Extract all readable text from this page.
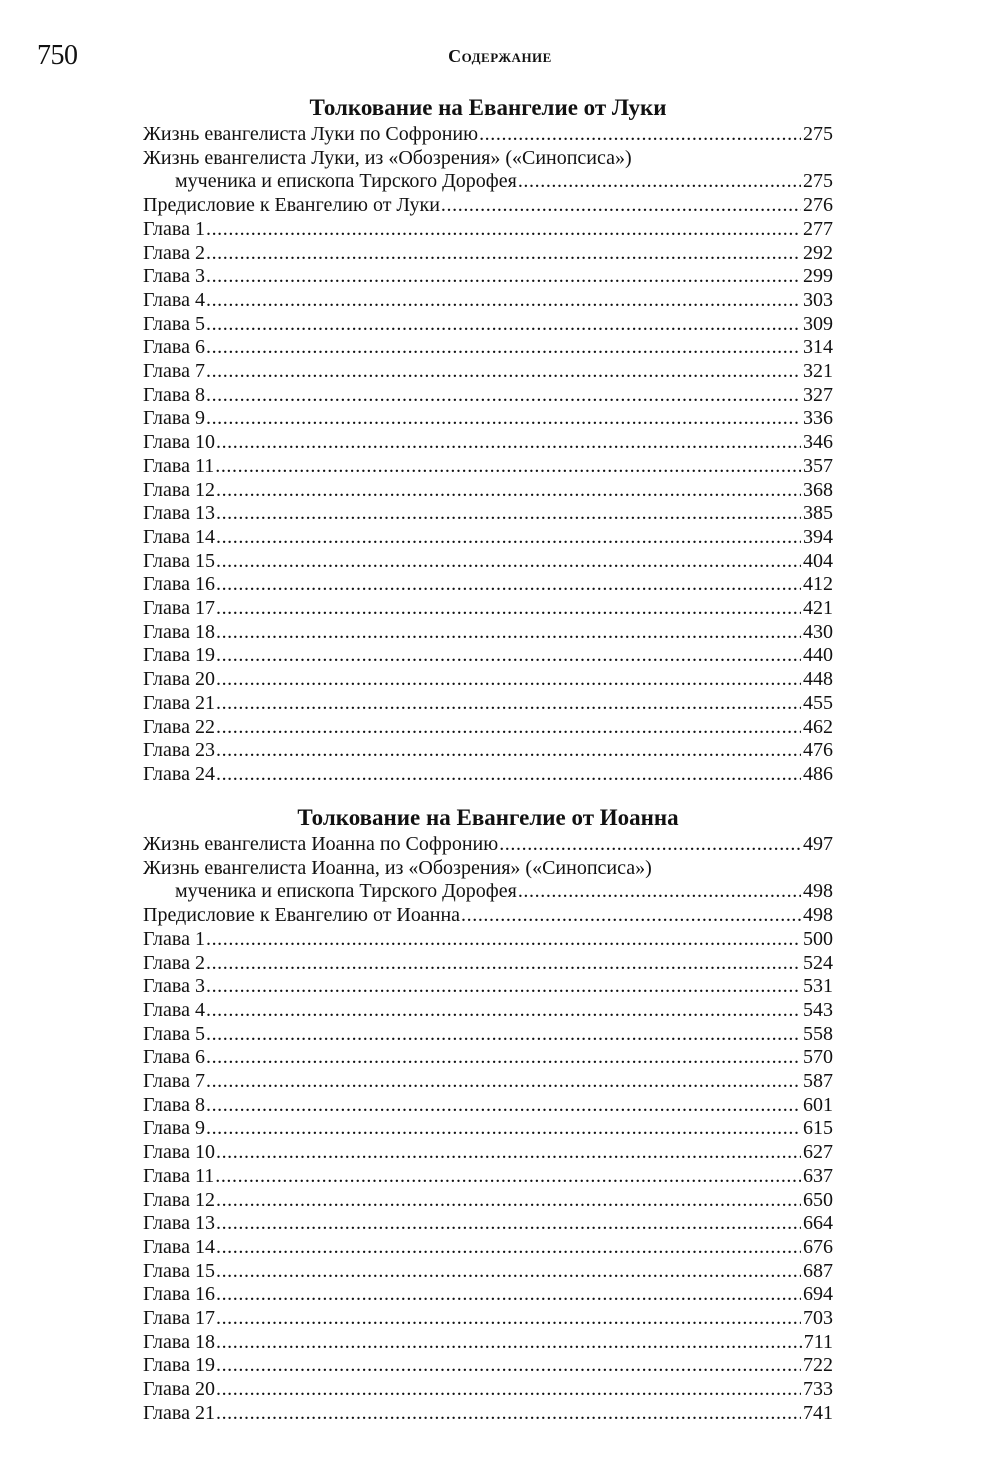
750	Содержание
Толкование на Евангелие от Луки
Жизнь евангелиста Луки по Софронию . . .	275
Жизнь евангелиста Луки, из «Обозрения» («Синопсиса»)
мученика и епископа Тирского Дорофея . . .	275
Предисловие к Евангелию от Луки . . .	276
Глава 1 . . .	277
Глава 2 . . .	292
Глава 3 . . .	299
Глава 4 . . .	303
Глава 5 . . .	309
Глава 6 . . .	314
Глава 7 . . .	321
Глава 8 . . .	327
Глава 9 . . .	336
Глава 10 . . .	346
Глава 11 . . .	357
Глава 12 . . .	368
Глава 13 . . .	385
Глава 14 . . .	394
Глава 15 . . .	404
Глава 16 . . .	412
Глава 17 . . .	421
Глава 18 . . .	430
Глава 19 . . .	440
Глава 20 . . .	448
Глава 21 . . .	455
Глава 22 . . .	462
Глава 23 . . .	476
Глава 24 . . .	486
Толкование на Евангелие от Иоанна
Жизнь евангелиста Иоанна по Софронию . . .	497
Жизнь евангелиста Иоанна, из «Обозрения» («Синопсиса»)
мученика и епископа Тирского Дорофея . . .	498
Предисловие к Евангелию от Иоанна . . .	498
Глава 1 . . .	500
Глава 2 . . .	524
Глава 3 . . .	531
Глава 4 . . .	543
Глава 5 . . .	558
Глава 6 . . .	570
Глава 7 . . .	587
Глава 8 . . .	601
Глава 9 . . .	615
Глава 10 . . .	627
Глава 11 . . .	637
Глава 12 . . .	650
Глава 13 . . .	664
Глава 14 . . .	676
Глава 15 . . .	687
Глава 16 . . .	694
Глава 17 . . .	703
Глава 18 . . .	711
Глава 19 . . .	722
Глава 20 . . .	733
Глава 21 . . .	741
